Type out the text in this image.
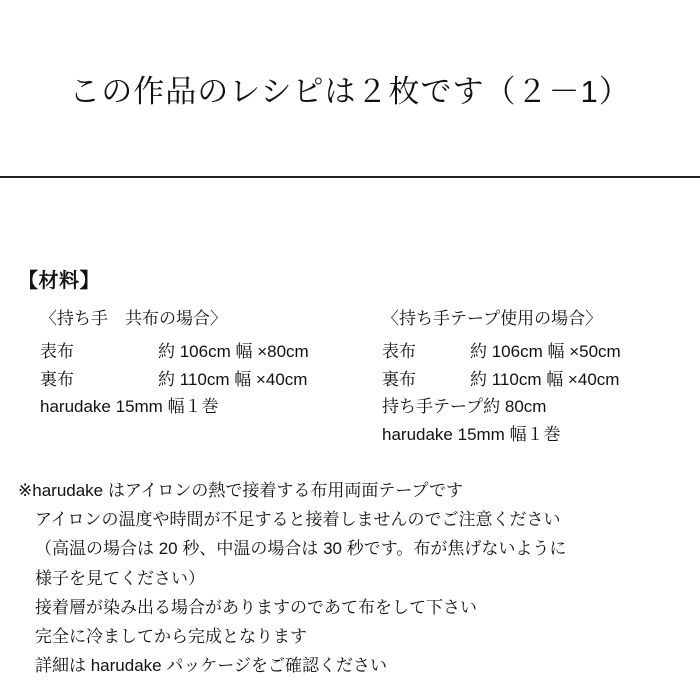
この作品のレシピは２枚です（２－1）
【材料】
〈持ち手　共布の場合〉
表布	約 106cm 幅 ×80cm
裏布	約 110cm 幅 ×40cm
harudake 15mm 幅 １巻
〈持ち手テープ使用の場合〉
表布	約 106cm 幅 ×50cm
裏布	約 110cm 幅 ×40cm
持ち手テープ 約 80cm
harudake 15mm 幅 １巻
※harudake はアイロンの熱で接着する布用両面テープです
アイロンの温度や時間が不足すると接着しませんのでご注意ください
（高温の場合は 20 秒、中温の場合は 30 秒です。布が焦げないように
様子を見てください）
接着層が染み出る場合がありますのであて布をして下さい
完全に冷ましてから完成となります
詳細は harudake パッケージをご確認ください
